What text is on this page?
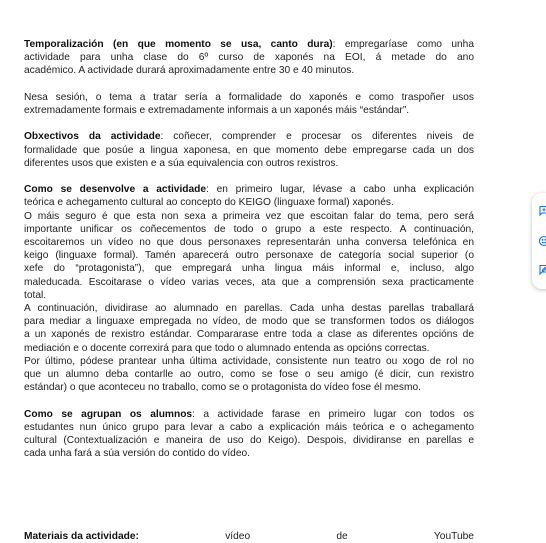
Temporalización (en que momento se usa, canto dura): empregaríase como unha
actividade para unha clase do 6º curso de xaponés na EOI, á metade do ano
académico. A actividade durará aproximadamente entre 30 e 40 minutos.
Nesa sesión, o tema a tratar sería a formalidade do xaponés e como traspoñer usos
extremadamente formais e extremadamente informais a un xaponés máis “estándar”.
Obxectivos da actividade: coñecer, comprender e procesar os diferentes niveis de
formalidade que posúe a lingua xaponesa, en que momento debe empregarse cada un dos
diferentes usos que existen e a súa equivalencia con outros rexistros.
Como se desenvolve a actividade: en primeiro lugar, lévase a cabo unha explicación
teórica e achegamento cultural ao concepto do KEIGO (linguaxe formal) xaponés.
O máis seguro é que esta non sexa a primeira vez que escoitan falar do tema, pero será
importante unificar os coñecementos de todo o grupo a este respecto. A continuación,
escoitaremos un vídeo no que dous personaxes representarán unha conversa telefónica en
keigo (linguaxe formal). Tamén aparecerá outro personaxe de categoría social superior (o
xefe do “protagonista”), que empregará unha lingua máis informal e, incluso, algo
maleducada. Escoitarase o vídeo varias veces, ata que a comprensión sexa practicamente
total.
A continuación, dividirase ao alumnado en parellas. Cada unha destas parellas traballará
para mediar a linguaxe empregada no vídeo, de modo que se transformen todos os diálogos
a un xaponés de rexistro estándar. Compararase entre toda a clase as diferentes opcións de
mediación e o docente correxirá para que todo o alumnado entenda as opcións correctas.
Por último, pódese prantear unha última actividade, consistente nun teatro ou xogo de rol no
que un alumno deba contarlle ao outro, como se fose o seu amigo (é dicir, cun rexistro
estándar) o que aconteceu no traballo, como se o protagonista do vídeo fose él mesmo.
Como se agrupan os alumnos: a actividade farase en primeiro lugar con todos os
estudantes nun único grupo para levar a cabo a explicación máis teórica e o achegamento
cultural (Contextualización e maneira de uso do Keigo). Despois, dividiranse en parellas e
cada unha fará a súa versión do contido do vídeo.
Materiais da actividade:	vídeo	de	YouTube
